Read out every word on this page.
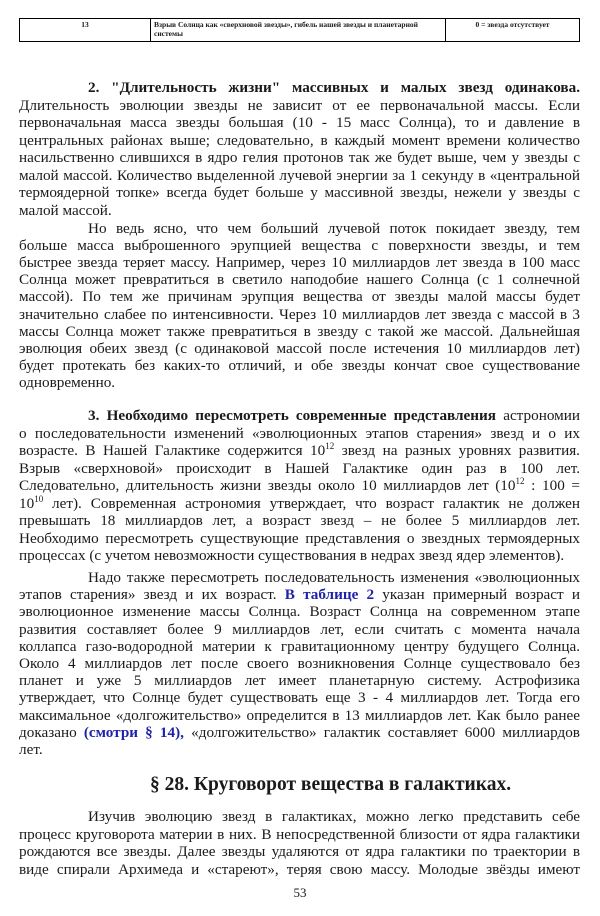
13	Взрыв Солнца как «сверхновой звезды», гибель нашей звезды и планетарной системы
0 = звезда отсутствует
2. "Длительность жизни" массивных и малых звезд одинакова.
Длительность эволюции звезды не зависит от ее первоначальной массы. Если
первоначальная масса звезды большая (10 - 15 масс Солнца), то и давление в
центральных районах выше; следовательно, в каждый момент времени количество
насильственно слившихся в ядро гелия протонов так же будет выше, чем у звезды с
малой массой. Количество выделенной лучевой энергии за 1 секунду в «центральной
термоядерной топке» всегда будет больше у массивной звезды, нежели у звезды с
малой массой.
Но ведь ясно, что чем больший лучевой поток покидает звезду, тем
больше масса выброшенного эрупцией вещества с поверхности звезды, и тем
быстрее звезда теряет массу. Например, через 10 миллиардов лет звезда в 100 масс
Солнца может превратиться в светило наподобие нашего Солнца (с 1 солнечной
массой). По тем же причинам эрупция вещества от звезды малой массы будет
значительно слабее по интенсивности. Через 10 миллиардов лет звезда с массой в 3
массы Солнца может также превратиться в звезду с такой же массой. Дальнейшая
эволюция обеих звезд (с одинаковой массой после истечения 10 миллиардов лет)
будет протекать без каких-то отличий, и обе звезды кончат свое существование
одновременно.
3. Необходимо пересмотреть современные представления астрономии
о последовательности изменений «эволюционных этапов старения» звезд и о их
возрасте. В Нашей Галактике содержится $10^{12}$ звезд на разных уровнях развития.
Взрыв «сверхновой» происходит в Нашей Галактике один раз в 100 лет.
Следовательно, длительность жизни звезды около 10 миллиардов лет ($10^{12}$ : 100 =
$10^{10}$ лет). Современная астрономия утверждает, что возраст галактик не должен
превышать 18 миллиардов лет, а возраст звезд – не более 5 миллиардов лет.
Необходимо пересмотреть существующие представления о звездных термоядерных
процессах (с учетом невозможности существования в недрах звезд ядер элементов).
Надо также пересмотреть последовательность изменения «эволюционных
этапов старения» звезд и их возраст. В таблице 2 указан примерный возраст и
эволюционное изменение массы Солнца. Возраст Солнца на современном этапе
развития составляет более 9 миллиардов лет, если считать с момента начала
коллапса газо-водородной материи к гравитационному центру будущего Солнца.
Около 4 миллиардов лет после своего возникновения Солнце существовало без
планет и уже 5 миллиардов лет имеет планетарную систему. Астрофизика
утверждает, что Солнце будет существовать еще 3 - 4 миллиардов лет. Тогда его
максимальное «долгожительство» определится в 13 миллиардов лет. Как было ранее
доказано (смотри § 14), «долгожительство» галактик составляет 6000 миллиардов
лет.
§ 28. Круговорот вещества в галактиках.
Изучив эволюцию звезд в галактиках, можно легко представить себе
процесс круговорота материи в них. В непосредственной близости от ядра галактики
рождаются все звезды. Далее звезды удаляются от ядра галактики по траектории в
виде спирали Архимеда и «стареют», теряя свою массу. Молодые звёзды имеют
53
